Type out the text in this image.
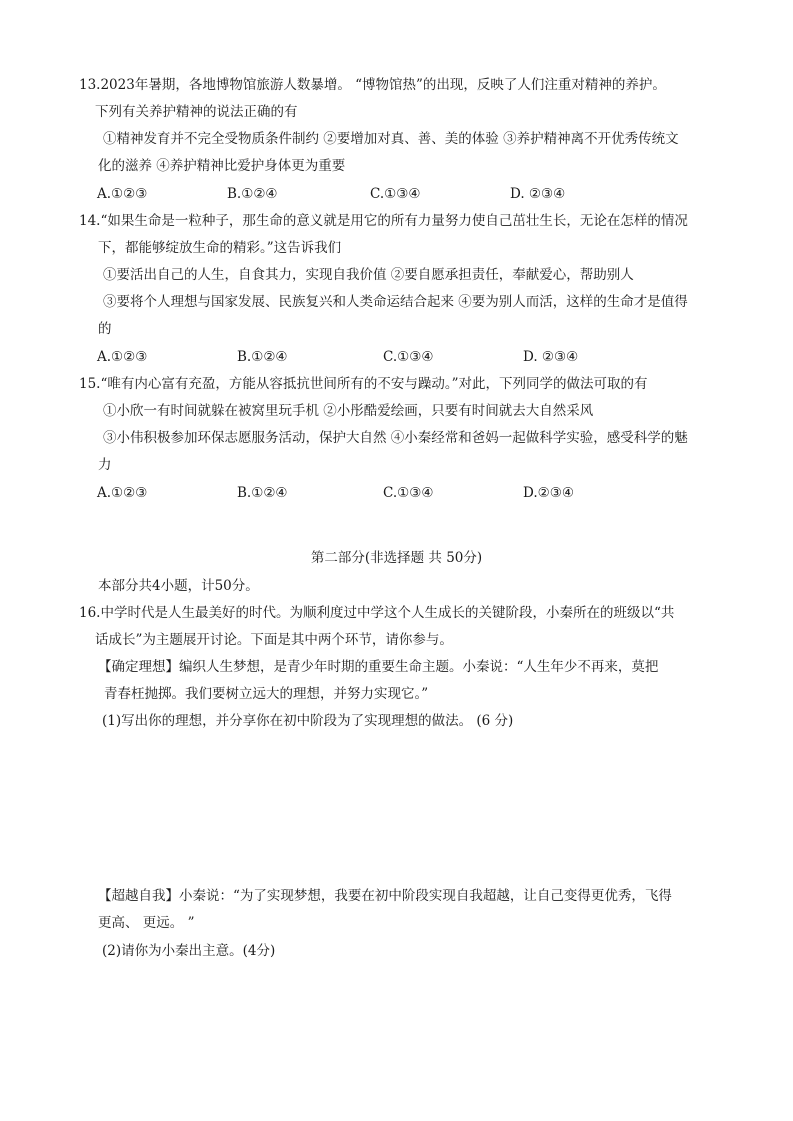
13.2023年暑期，各地博物馆旅游人数暴增。 “博物馆热”的出现，反映了人们注重对精神的养护。
下列有关养护精神的说法正确的有
①精神发育并不完全受物质条件制约 ②要增加对真、善、美的体验 ③养护精神离不开优秀传统文
化的滋养 ④养护精神比爱护身体更为重要
A.①②③	B.①②④	C.①③④	D. ②③④
14.“如果生命是一粒种子，那生命的意义就是用它的所有力量努力使自己茁壮生长，无论在怎样的情况
下，都能够绽放生命的精彩。”这告诉我们
①要活出自己的人生，自食其力，实现自我价值 ②要自愿承担责任，奉献爱心，帮助别人
③要将个人理想与国家发展、民族复兴和人类命运结合起来 ④要为别人而活，这样的生命才是值得
的
A.①②③	B.①②④	C.①③④	D. ②③④
15.“唯有内心富有充盈，方能从容抵抗世间所有的不安与躁动。”对此，下列同学的做法可取的有
①小欣一有时间就躲在被窝里玩手机 ②小彤酷爱绘画，只要有时间就去大自然采风
③小伟积极参加环保志愿服务活动，保护大自然 ④小秦经常和爸妈一起做科学实验，感受科学的魅
力
A.①②③	B.①②④	C.①③④	D.②③④
第二部分(非选择题 共 50分)
本部分共4小题，计50分。
16.中学时代是人生最美好的时代。为顺利度过中学这个人生成长的关键阶段，小秦所在的班级以“共
话成长”为主题展开讨论。下面是其中两个环节，请你参与。
【确定理想】编织人生梦想，是青少年时期的重要生命主题。小秦说：“人生年少不再来，莫把
青春枉抛掷。我们要树立远大的理想，并努力实现它。”
(1)写出你的理想，并分享你在初中阶段为了实现理想的做法。 (6 分)
【超越自我】小秦说：“为了实现梦想，我要在初中阶段实现自我超越，让自己变得更优秀，飞得
更高、 更远。 ”
(2)请你为小秦出主意。(4分)
